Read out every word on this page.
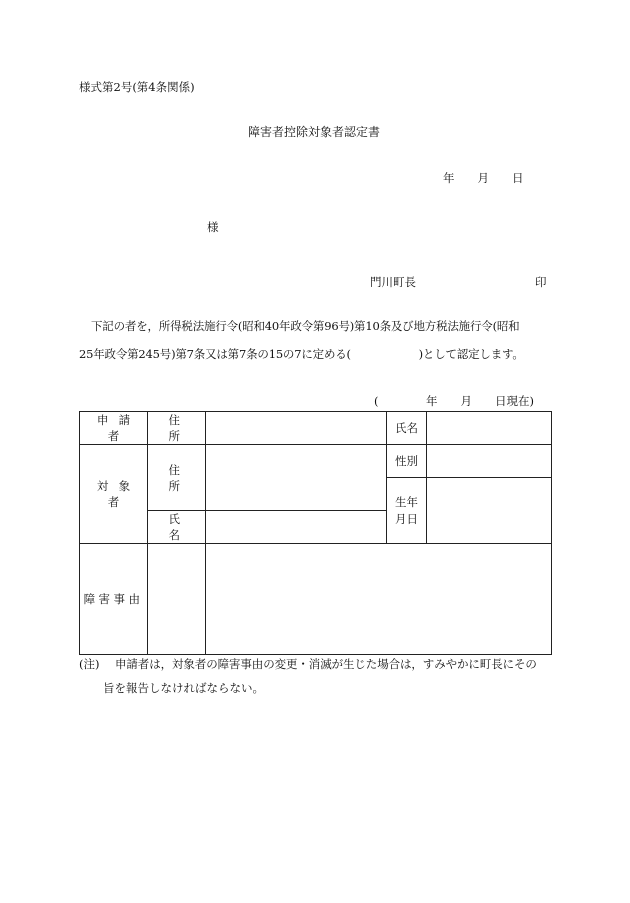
様式第2号(第4条関係)
障害者控除対象者認定書
年　　月　　日
様
門川町長	印
下記の者を，所得税法施行令(昭和40年政令第96号)第10条及び地方税法施行令(昭和
25年政令第245号)第7条又は第7条の15の7に定める(　　　　　　)として認定します。
(	年　　月　　日現在)
申請者	住所		氏名	
対象者	住所		性別	
			生年月日	
	氏名			
障害事由				
(注) 申請者は，対象者の障害事由の変更・消滅が生じた場合は，すみやかに町長にその
旨を報告しなければならない。
